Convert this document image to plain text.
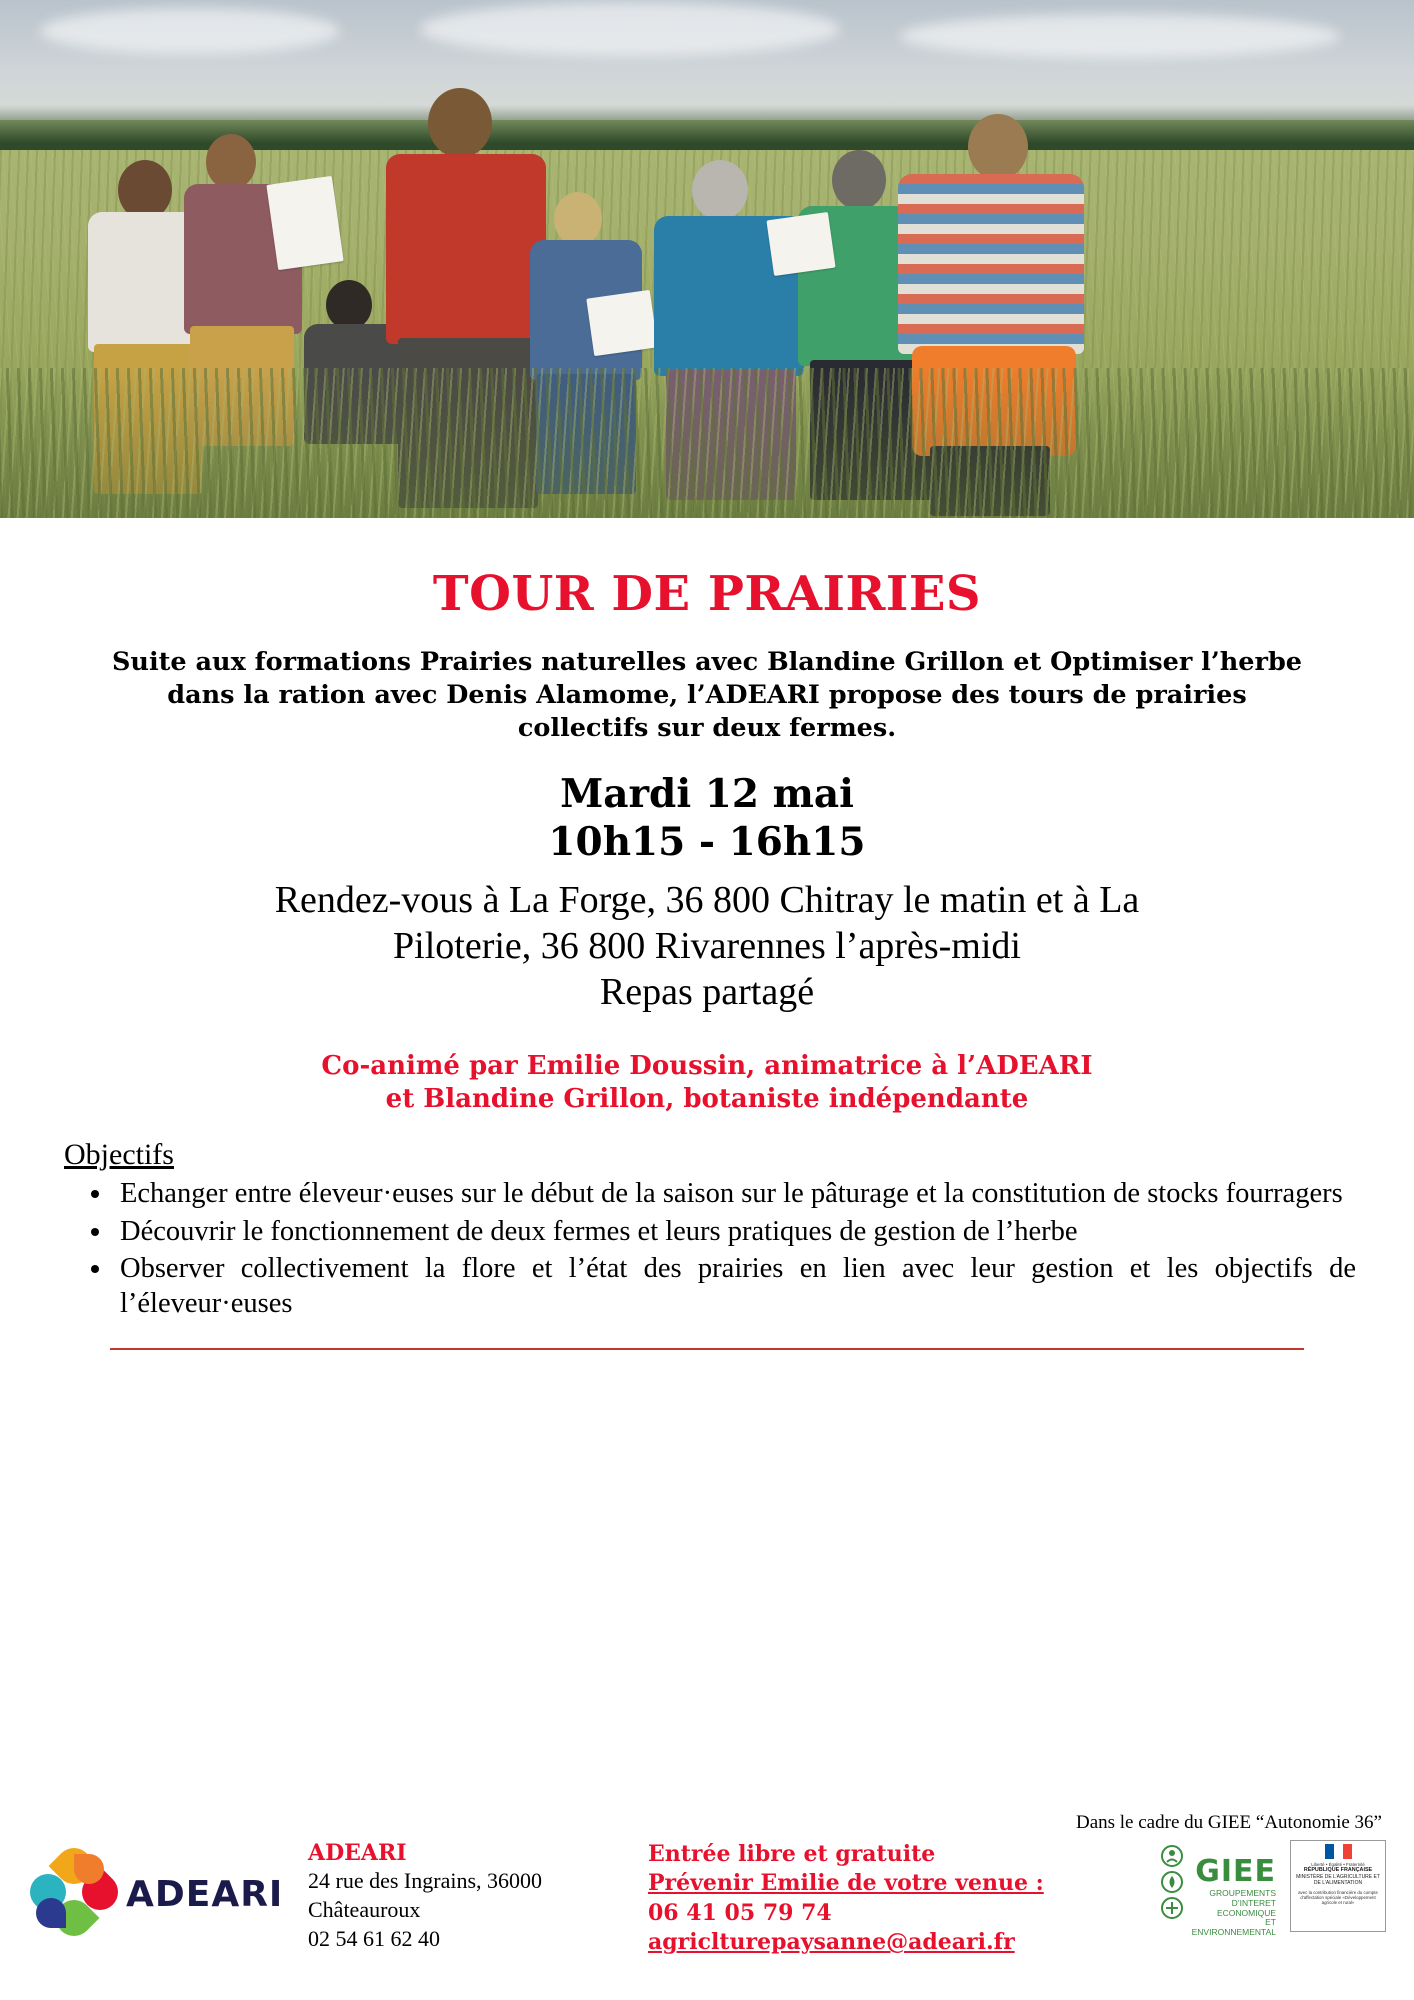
TOUR DE PRAIRIES
Suite aux formations Prairies naturelles avec Blandine Grillon et Optimiser l’herbe dans la ration avec Denis Alamome, l’ADEARI propose des tours de prairies collectifs sur deux fermes.
Mardi 12 mai
10h15 - 16h15
Rendez-vous à La Forge, 36 800 Chitray le matin et à La
Piloterie, 36 800 Rivarennes l’après-midi
Repas partagé
Co-animé par Emilie Doussin, animatrice à l’ADEARI
et Blandine Grillon, botaniste indépendante
Objectifs
• Echanger entre éleveur·euses sur le début de la saison sur le pâturage et la constitution de stocks fourragers
• Découvrir le fonctionnement de deux fermes et leurs pratiques de gestion de l’herbe
• Observer collectivement la flore et l’état des prairies en lien avec leur gestion et les objectifs de l’éleveur·euses
ADEARI
ADEARI
24 rue des Ingrains, 36000
Châteauroux
02 54 61 62 40
Entrée libre et gratuite
Prévenir Emilie de votre venue :
06 41 05 79 74
agriclturepaysanne@adeari.fr
Dans le cadre du GIEE “Autonomie 36”
GIEE
GROUPEMENTS
D’INTERET ECONOMIQUE
ET ENVIRONNEMENTAL
Liberté • Égalité • Fraternité
RÉPUBLIQUE FRANÇAISE
MINISTÈRE DE L’AGRICULTURE ET DE L’ALIMENTATION
avec la contribution financière du compte d’affectation spéciale «Développement agricole et rural»
